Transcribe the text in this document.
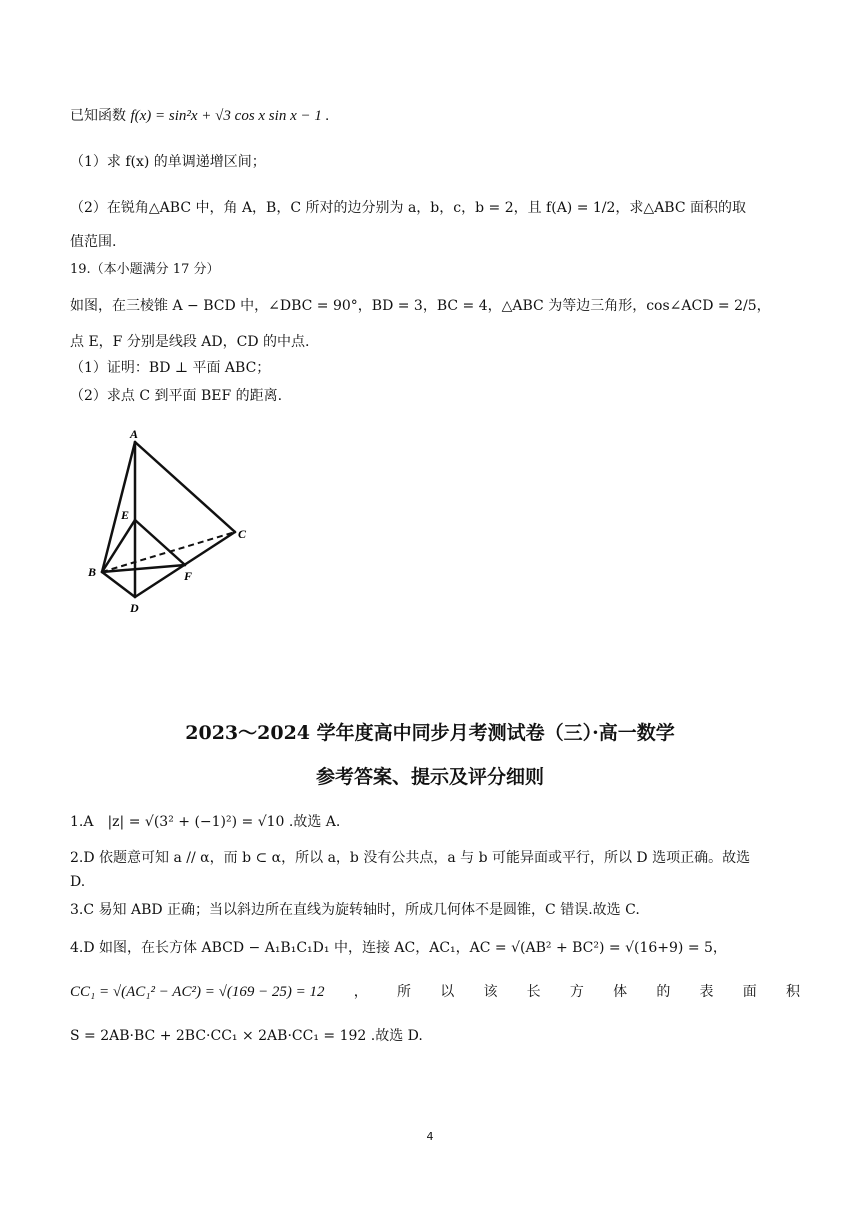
已知函数 f(x) = sin²x + √3 cos x sin x − 1 .
（1）求 f(x) 的单调递增区间；
（2）在锐角△ABC 中，角 A，B，C 所对的边分别为 a，b，c，b = 2，且 f(A) = 1/2，求△ABC 面积的取
值范围.
19.（本小题满分 17 分）
如图，在三棱锥 A − BCD 中，∠DBC = 90°，BD = 3，BC = 4，△ABC 为等边三角形，cos∠ACD = 2/5，
点 E，F 分别是线段 AD，CD 的中点.
（1）证明：BD ⊥ 平面 ABC；
（2）求点 C 到平面 BEF 的距离.
A
E
C
B	F
D
2023～2024 学年度高中同步月考测试卷（三）·高一数学
参考答案、提示及评分细则
1.A　|z| = √(3² + (−1)²) = √10 .故选 A.
2.D 依题意可知 a // α，而 b ⊂ α，所以 a，b 没有公共点，a 与 b 可能异面或平行，所以 D 选项正确。故选
D.
3.C 易知 ABD 正确；当以斜边所在直线为旋转轴时，所成几何体不是圆锥，C 错误.故选 C.
4.D 如图，在长方体 ABCD − A₁B₁C₁D₁ 中，连接 AC，AC₁，AC = √(AB² + BC²) = √(16+9) = 5，
CC₁ = √(AC₁² − AC²) = √(169 − 25) = 12 ， 所 以 该 长 方 体 的 表 面 积
S = 2AB·BC + 2BC·CC₁ × 2AB·CC₁ = 192 .故选 D.
4
